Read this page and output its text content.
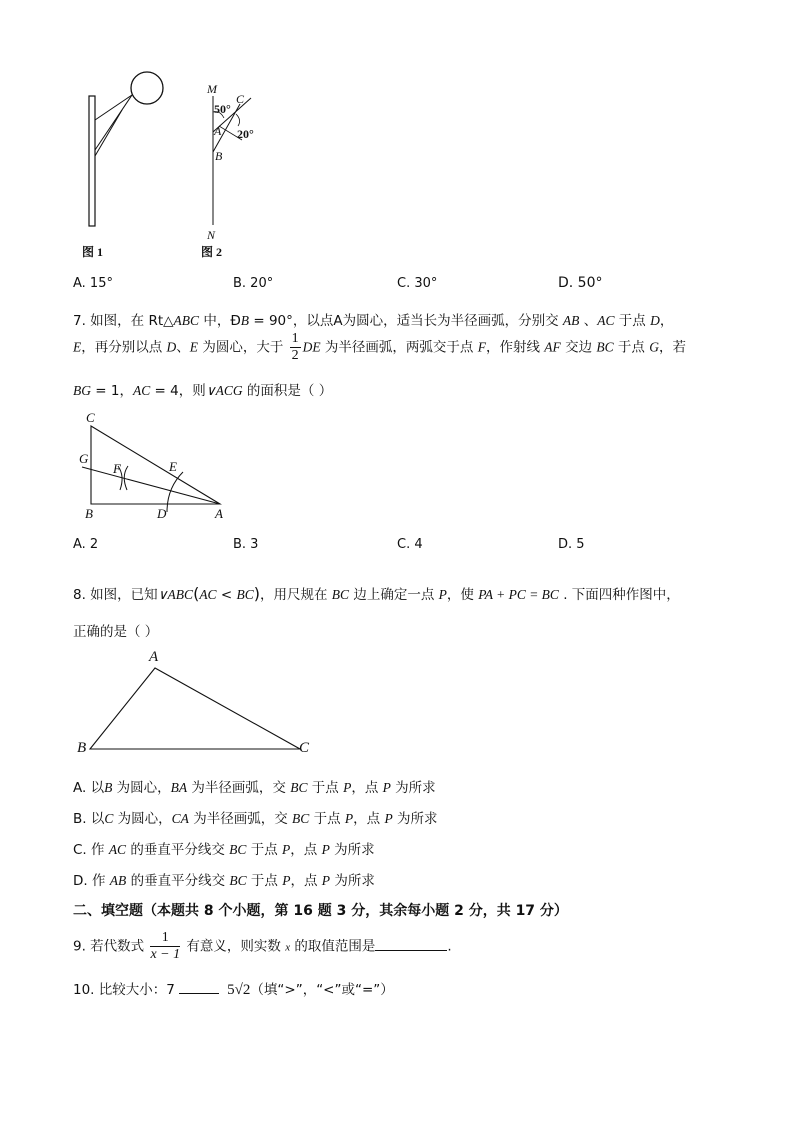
M
C
50°
A 20°
B
N
图 1	图 2
A. 15°	B. 20°	C. 30°	D. 50°
7. 如图，在 Rt△ABC 中，ÐB = 90°，以点A为圆心，适当长为半径画弧，分别交 AB 、AC 于点 D，
E，再分别以点 D、E 为圆心，大于 $\frac{1}{2}$ DE 为半径画弧，两弧交于点 F，作射线 AF 交边 BC 于点 G，若
BG = 1，AC = 4，则∨ACG 的面积是（ ）
C
G
F	E
B	D	A
A. 2	B. 3	C. 4	D. 5
8. 如图，已知∨ABC(AC < BC)，用尺规在 BC 边上确定一点 P，使 PA + PC = BC . 下面四种作图中，
正确的是（ ）
A
B	C
A. 以B 为圆心，BA 为半径画弧，交 BC 于点 P，点 P 为所求
B. 以C 为圆心，CA 为半径画弧，交 BC 于点 P，点 P 为所求
C. 作 AC 的垂直平分线交 BC 于点 P，点 P 为所求
D. 作 AB 的垂直平分线交 BC 于点 P，点 P 为所求
二、填空题（本题共 8 个小题，第 16 题 3 分，其余每小题 2 分，共 17 分）
9. 若代数式 $\frac{1}{x - 1}$ 有意义，则实数 x 的取值范围是	.
10. 比较大小：7	5√2（填“>”，“<”或“=”）
